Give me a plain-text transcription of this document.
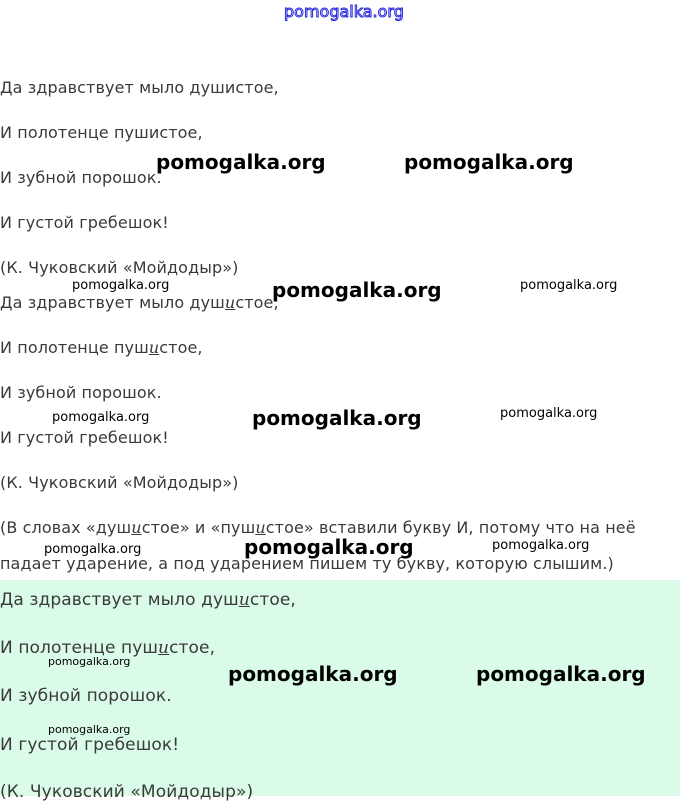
pomogalka.org
Да здравствует мыло душистое,
И полотенце пушистое,
И зубной порошок.
И густой гребешок!
(К. Чуковский «Мойдодыр»)
Да здравствует мыло душистое,
И полотенце пушистое,
И зубной порошок.
И густой гребешок!
(К. Чуковский «Мойдодыр»)
(В словах «душистое» и «пушистое» вставили букву И, потому что на неё
падает ударение, а под ударением пишем ту букву, которую слышим.)
Да здравствует мыло душистое,
И полотенце пушистое,
И зубной порошок.
И густой гребешок!
(К. Чуковский «Мойдодыр»)
pomogalka.org	pomogalka.org
pomogalka.org	pomogalka.org	pomogalka.org
pomogalka.org	pomogalka.org	pomogalka.org
pomogalka.org	pomogalka.org	pomogalka.org
pomogalka.org
pomogalka.org	pomogalka.org
pomogalka.org
